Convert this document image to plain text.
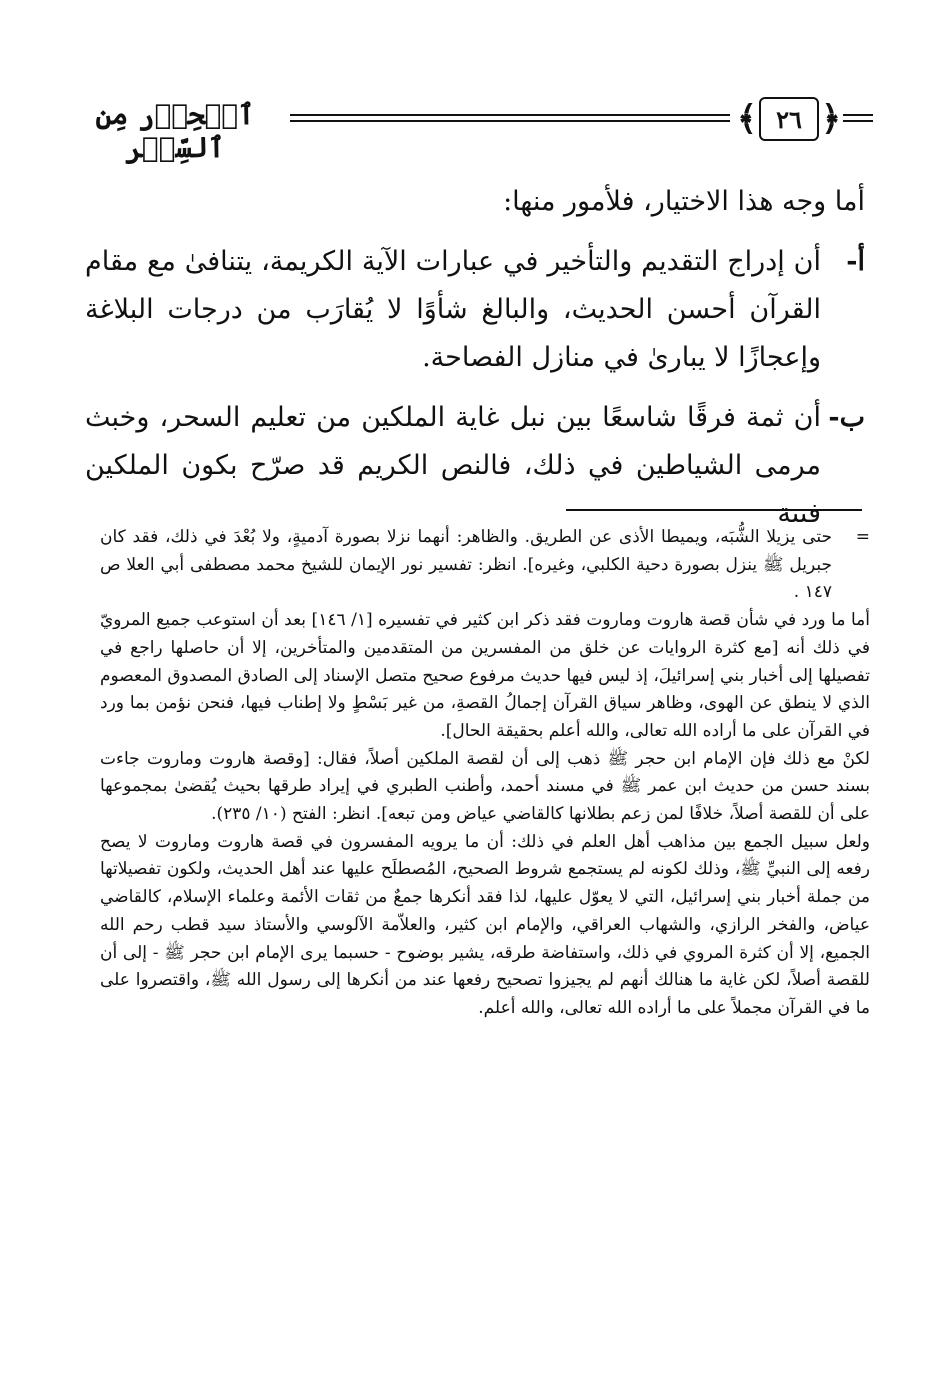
﴾ ٢٦ ﴿
ٱلۡحِذۡر مِن ٱلسِّحۡر

أما وجه هذا الاختيار، فلأمور منها:

أ-
أن إدراج التقديم والتأخير في عبارات الآية الكريمة، يتنافىٰ مع مقام القرآن أحسن الحديث، والبالغ شأوًا لا يُقارَب من درجات البلاغة وإعجازًا لا يبارىٰ في منازل الفصاحة.
ب-
أن ثمة فرقًا شاسعًا بين نبل غاية الملكين من تعليم السحر، وخبث مرمى الشياطين في ذلك، فالنص الكريم قد صرّح بكون الملكين فتنة
=
حتى يزيلا الشُّبَه، ويميطا الأذى عن الطريق. والظاهر: أنهما نزلا بصورة آدميةٍ، ولا بُعْدَ في ذلك، فقد كان جبريل ﷺ ينزل بصورة دحية الكلبي، وغيره]. انظر: تفسير نور الإيمان للشيخ محمد مصطفى أبي العلا ص ١٤٧ .

أما ما ورد في شأن قصة هاروت وماروت فقد ذكر ابن كثير في تفسيره [١/ ١٤٦] بعد أن استوعب جميع المرويّ في ذلك أنه [مع كثرة الروايات عن خلق من المفسرين من المتقدمين والمتأخرين، إلا أن حاصلها راجع في تفصيلها إلى أخبار بني إسرائيلَ، إذ ليس فيها حديث مرفوع صحيح متصل الإسناد إلى الصادق المصدوق المعصوم الذي لا ينطق عن الهوى، وظاهر سياق القرآن إجمالُ القصةِ، من غير بَسْطٍ ولا إطناب فيها، فنحن نؤمن بما ورد في القرآن على ما أراده الله تعالى، والله أعلم بحقيقة الحال].

لكنْ مع ذلك فإن الإمام ابن حجر ﷺ ذهب إلى أن لقصة الملكين أصلاً، فقال: [وقصة هاروت وماروت جاءت بسند حسن من حديث ابن عمر ﷺ في مسند أحمد، وأطنب الطبري في إيراد طرقها بحيث يُقضىٰ بمجموعها على أن للقصة أصلاً، خلافًا لمن زعم بطلانها كالقاضي عياض ومن تبعه]. انظر: الفتح (١٠/ ٢٣٥).

ولعل سبيل الجمع بين مذاهب أهل العلم في ذلك: أن ما يرويه المفسرون في قصة هاروت وماروت لا يصح رفعه إلى النبيِّ ﷺ، وذلك لكونه لم يستجمع شروط الصحيح، المُصطلَح عليها عند أهل الحديث، ولكون تفصيلاتها من جملة أخبار بني إسرائيل، التي لا يعوّل عليها، لذا فقد أنكرها جمعٌ من ثقات الأئمة وعلماء الإسلام، كالقاضي عياض، والفخر الرازي، والشهاب العراقي، والإمام ابن كثير، والعلاّمة الآلوسي والأستاذ سيد قطب رحم الله الجميع، إلا أن كثرة المروي في ذلك، واستفاضة طرقه، يشير بوضوح - حسبما يرى الإمام ابن حجر ﷺ - إلى أن للقصة أصلاً، لكن غاية ما هنالك أنهم لم يجيزوا تصحيح رفعها عند من أنكرها إلى رسول الله ﷺ، واقتصروا على ما في القرآن مجملاً على ما أراده الله تعالى، والله أعلم.
